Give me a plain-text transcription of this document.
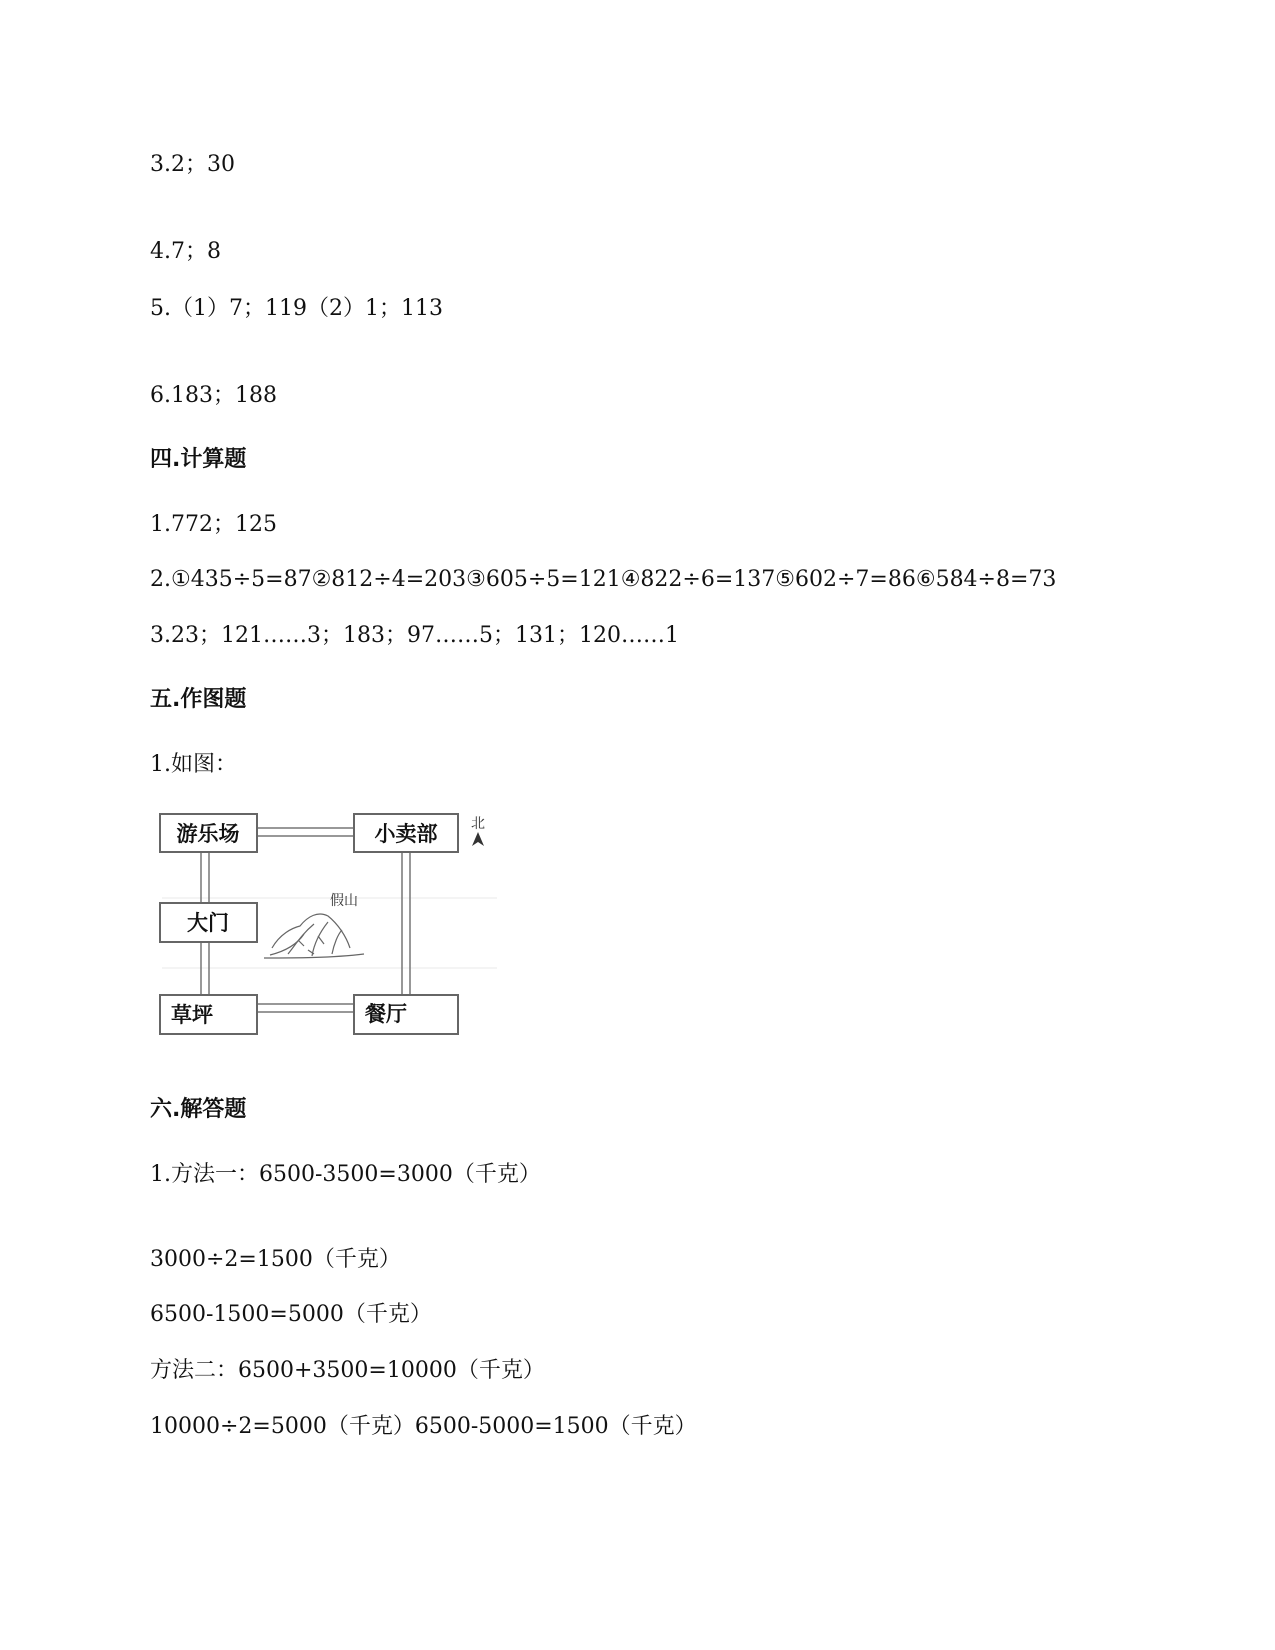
3.2；30
4.7；8
5.（1）7；119（2）1；113
6.183；188
四.计算题
1.772；125
2.①435÷5=87②812÷4=203③605÷5=121④822÷6=137⑤602÷7=86⑥584÷8=73
3.23；121……3；183；97……5；131；120……1
五.作图题
1.如图：
游乐场	小卖部
大门
草坪	餐厅
假山
北
六.解答题
1.方法一：6500-3500=3000（千克）
3000÷2=1500（千克）
6500-1500=5000（千克）
方法二：6500+3500=10000（千克）
10000÷2=5000（千克）6500-5000=1500（千克）
